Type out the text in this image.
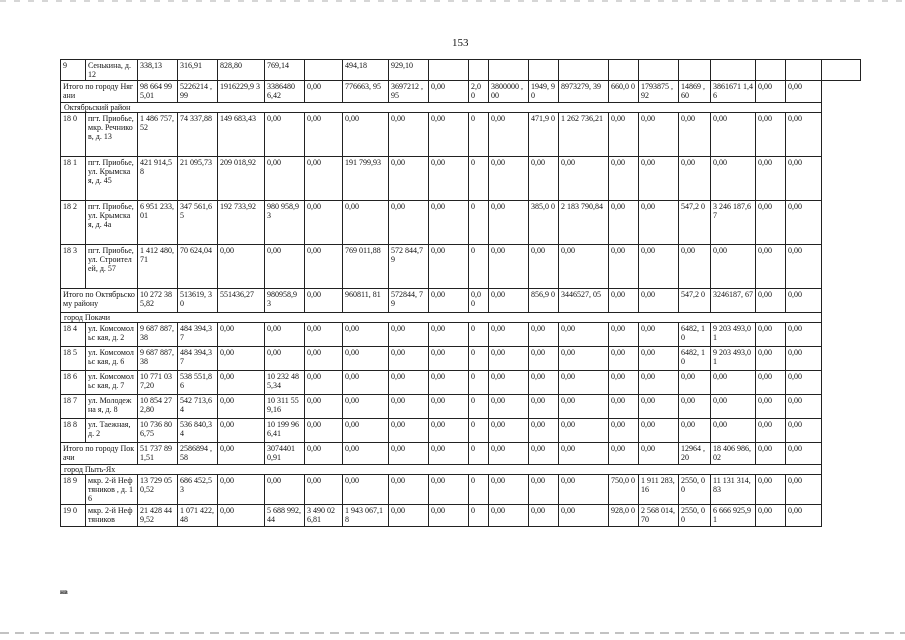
153
9	Сенькина, д. 12	338,13	316,91	828,80	769,14		494,18	929,10												
Итого по городу Нягани		98 664 995,01	5226214 ,99	1916229,9 3	3386480 6,42	0,00	776663, 95	3697212 ,95	0,00	2,0 0	3800000 ,00	1949, 90	8973279, 39	660,0 0	1793875 ,92	14869 ,60	3861671 1,46	0,00	0,00	
Октябрьский район																				
18 0	пгт. Приобье, мкр. Речников, д. 13	1 486 757,52	74 337,88	149 683,43	0,00	0,00	0,00	0,00	0,00	0	0,00	471,9 0	1 262 736,21	0,00	0,00	0,00	0,00	0,00	0,00	
18 1	пгт. Приобье, ул. Крымская, д. 45	421 914,58	21 095,73	209 018,92	0,00	0,00	191 799,93	0,00	0,00	0	0,00	0,00	0,00	0,00	0,00	0,00	0,00	0,00	0,00	
18 2	пгт. Приобье, ул. Крымская, д. 4а	6 951 233,01	347 561,65	192 733,92	980 958,93	0,00	0,00	0,00	0,00	0	0,00	385,0 0	2 183 790,84	0,00	0,00	547,2 0	3 246 187,67	0,00	0,00	
18 3	пгт. Приобье, ул. Строителей, д. 57	1 412 480,71	70 624,04	0,00	0,00	0,00	769 011,88	572 844,79	0,00	0	0,00	0,00	0,00	0,00	0,00	0,00	0,00	0,00	0,00	
Итого по Октябрьскому району		10 272 385,82	513619, 30	551436,27	980958,9 3	0,00	960811, 81	572844, 79	0,00	0,0 0	0,00	856,9 0	3446527, 05	0,00	0,00	547,2 0	3246187, 67	0,00	0,00	
город Покачи																				
18 4	ул. Комсомольс кая, д. 2	9 687 887,38	484 394,37	0,00	0,00	0,00	0,00	0,00	0,00	0	0,00	0,00	0,00	0,00	0,00	6482, 10	9 203 493,01	0,00	0,00	
18 5	ул. Комсомольс кая, д. 6	9 687 887,38	484 394,37	0,00	0,00	0,00	0,00	0,00	0,00	0	0,00	0,00	0,00	0,00	0,00	6482, 10	9 203 493,01	0,00	0,00	
18 6	ул. Комсомольс кая, д. 7	10 771 037,20	538 551,86	0,00	10 232 485,34	0,00	0,00	0,00	0,00	0	0,00	0,00	0,00	0,00	0,00	0,00	0,00	0,00	0,00	
18 7	ул. Молодежна я, д. 8	10 854 272,80	542 713,64	0,00	10 311 559,16	0,00	0,00	0,00	0,00	0	0,00	0,00	0,00	0,00	0,00	0,00	0,00	0,00	0,00	
18 8	ул. Таежная, д. 2	10 736 806,75	536 840,34	0,00	10 199 966,41	0,00	0,00	0,00	0,00	0	0,00	0,00	0,00	0,00	0,00	0,00	0,00	0,00	0,00	
Итого по городу Покачи		51 737 891,51	2586894 ,58	0,00	3074401 0,91	0,00	0,00	0,00	0,00	0	0,00	0,00	0,00	0,00	0,00	12964 ,20	18 406 986,02	0,00	0,00	
город Пыть-Ях																				
18 9	мкр. 2-й Нефтяников , д. 16	13 729 050,52	686 452,53	0,00	0,00	0,00	0,00	0,00	0,00	0	0,00	0,00	0,00	750,0 0	1 911 283,16	2550, 00	11 131 314,83	0,00	0,00	
19 0	мкр. 2-й Нефтяников	21 428 449,52	1 071 422,48	0,00	5 688 992,44	3 490 026,81	1 943 067,18	0,00	0,00	0	0,00	0,00	0,00	928,0 0	2 568 014,70	2550, 00	6 666 925,91	0,00	0,00	
нв
